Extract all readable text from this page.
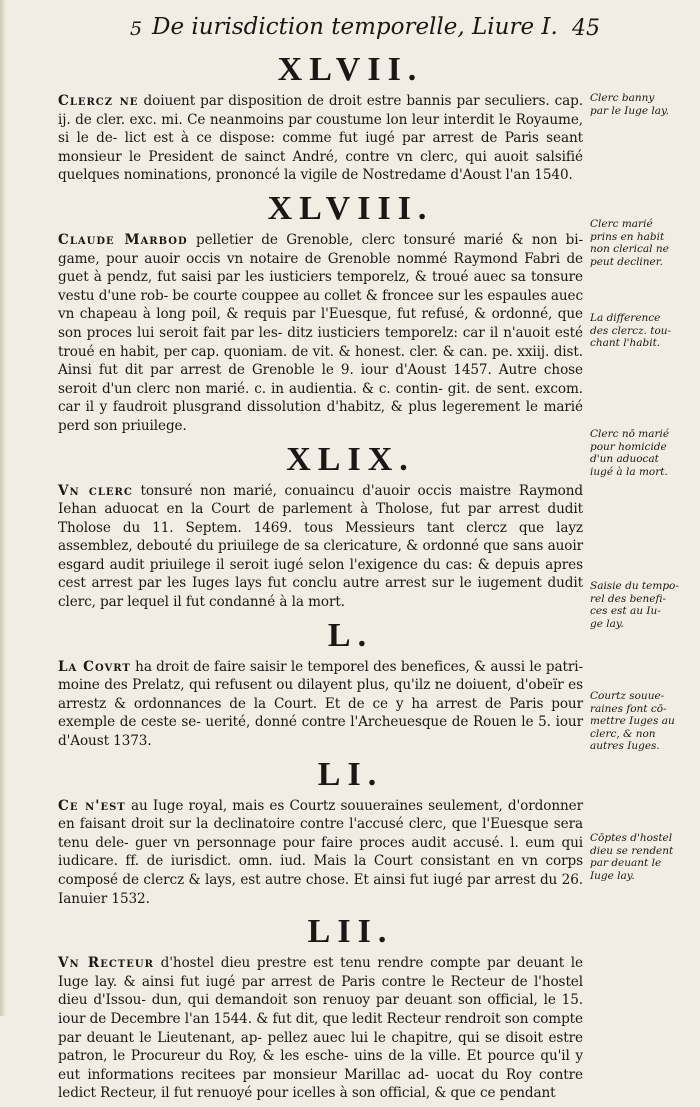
5 De iurisdiction temporelle, Liure I. 45
XLVII.
Clercz ne doiuent par disposition de droit estre bannis par seculiers. cap. ij. de cler. exc. mi. Ce neanmoins par coustume lon leur interdit le Royaume, si le de- lict est à ce dispose: comme fut iugé par arrest de Paris seant monsieur le President de sainct André, contre vn clerc, qui auoit salsifié quelques nominations, prononcé la vigile de Nostredame d'Aoust l'an 1540.
XLVIII.
Claude Marbod pelletier de Grenoble, clerc tonsuré marié & non bi- game, pour auoir occis vn notaire de Grenoble nommé Raymond Fabri de guet à pendz, fut saisi par les iusticiers temporelz, & troué auec sa tonsure vestu d'une rob- be courte couppee au collet & froncee sur les espaules auec vn chapeau à long poil, & requis par l'Euesque, fut refusé, & ordonné, que son proces lui seroit fait par les- ditz iusticiers temporelz: car il n'auoit esté troué en habit, per cap. quoniam. de vit. & honest. cler. & can. pe. xxiij. dist. Ainsi fut dit par arrest de Grenoble le 9. iour d'Aoust 1457. Autre chose seroit d'un clerc non marié. c. in audientia. & c. contin- git. de sent. excom. car il y faudroit plusgrand dissolution d'habitz, & plus legerement le marié perd son priuilege.
XLIX.
Vn clerc tonsuré non marié, conuaincu d'auoir occis maistre Raymond Iehan aduocat en la Court de parlement à Tholose, fut par arrest dudit Tholose du 11. Septem. 1469. tous Messieurs tant clercz que layz assemblez, debouté du priuilege de sa clericature, & ordonné que sans auoir esgard audit priuilege il seroit iugé selon l'exigence du cas: & depuis apres cest arrest par les Iuges lays fut conclu autre arrest sur le iugement dudit clerc, par lequel il fut condanné à la mort.
L.
La Covrt ha droit de faire saisir le temporel des benefices, & aussi le patri- moine des Prelatz, qui refusent ou dilayent plus, qu'ilz ne doiuent, d'obeïr es arrestz & ordonnances de la Court. Et de ce y ha arrest de Paris pour exemple de ceste se- uerité, donné contre l'Archeuesque de Rouen le 5. iour d'Aoust 1373.
LI.
Ce n'est au Iuge royal, mais es Courtz souueraines seulement, d'ordonner en faisant droit sur la declinatoire contre l'accusé clerc, que l'Euesque sera tenu dele- guer vn personnage pour faire proces audit accusé. l. eum qui iudicare. ff. de iurisdict. omn. iud. Mais la Court consistant en vn corps composé de clercz & lays, est autre chose. Et ainsi fut iugé par arrest du 26. Ianuier 1532.
LII.
Vn Recteur d'hostel dieu prestre est tenu rendre compte par deuant le Iuge lay. & ainsi fut iugé par arrest de Paris contre le Recteur de l'hostel dieu d'Issou- dun, qui demandoit son renuoy par deuant son official, le 15. iour de Decembre l'an 1544. & fut dit, que ledit Recteur rendroit son compte par deuant le Lieutenant, ap- pellez auec lui le chapitre, qui se disoit estre patron, le Procureur du Roy, & les esche- uins de la ville. Et pource qu'il y eut informations recitees par monsieur Marillac ad- uocat du Roy contre ledict Recteur, il fut renuoyé pour icelles à son official, & que ce pendant
Clerc banny
par le Iuge lay.
Clerc marié
prins en habit
non clerical ne
peut decliner.
La difference
des clercz. tou-
chant l'habit.
Clerc nō marié
pour homicide
d'un aduocat
iugé à la mort.
Saisie du tempo-
rel des benefi-
ces est au Iu-
ge lay.
Courtz souue-
raines font cō-
mettre Iuges au
clerc, & non
autres Iuges.
Cōptes d'hostel
dieu se rendent
par deuant le
Iuge lay.
